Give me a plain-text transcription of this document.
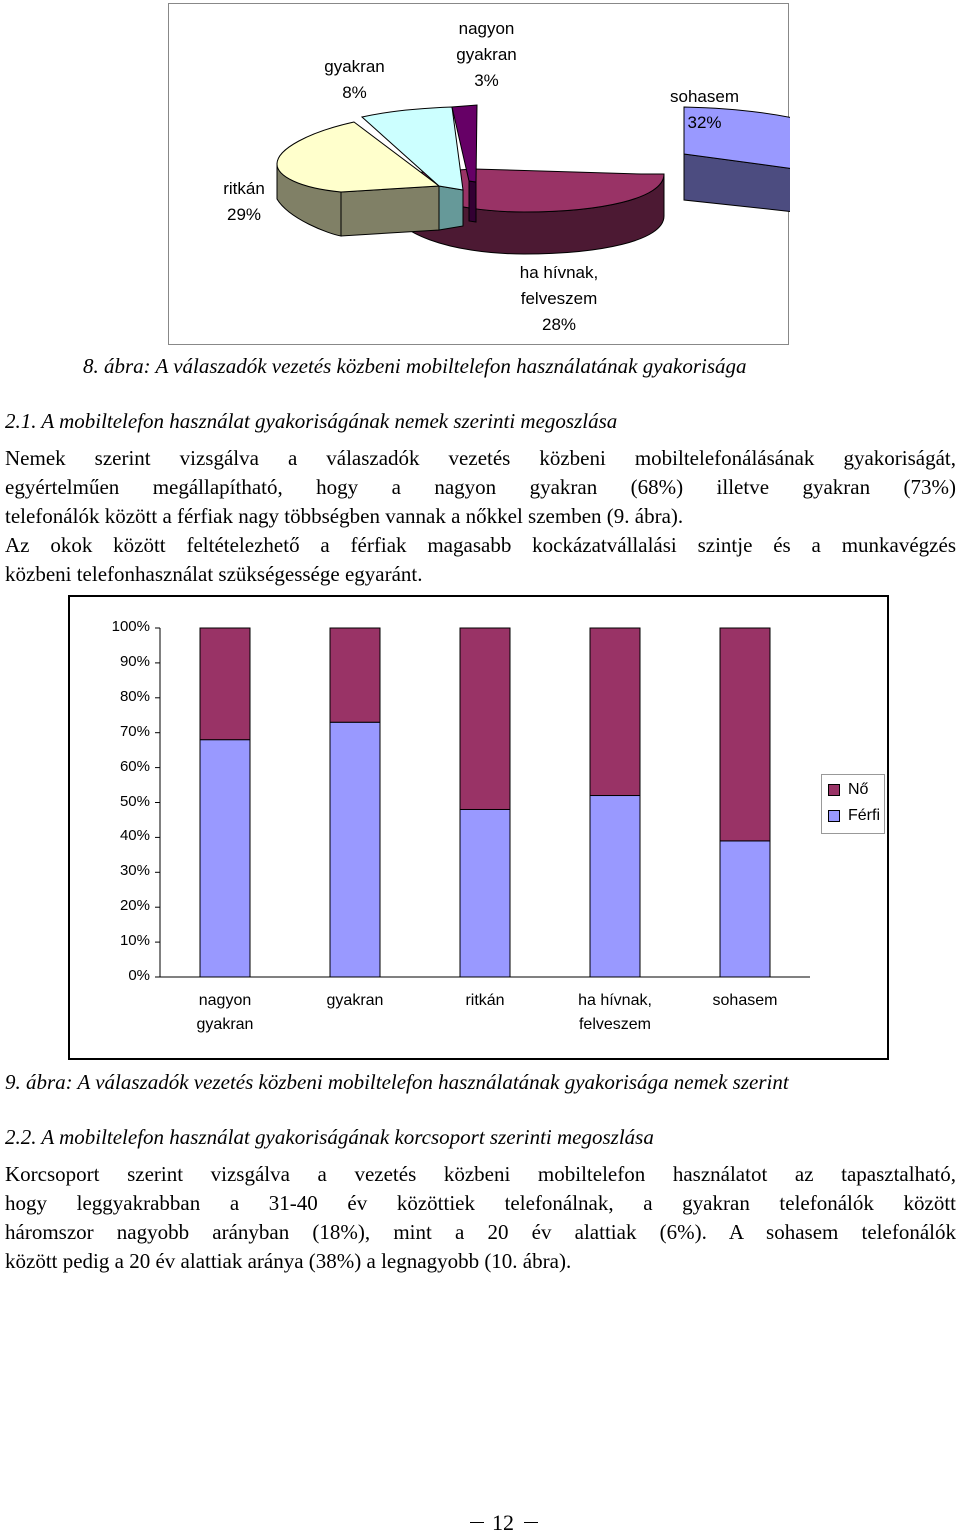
nagyon
gyakran
3%
gyakran
8%	sohasem
32%
ritkán
29%
ha hívnak,
felveszem
28%
8. ábra: A válaszadók vezetés közbeni mobiltelefon használatának gyakorisága
2.1. A mobiltelefon használat gyakoriságának nemek szerinti megoszlása
Nemek szerint vizsgálva a válaszadók vezetés közbeni mobiltelefonálásának gyakoriságát,
egyértelműen megállapítható, hogy a nagyon gyakran (68%) illetve gyakran (73%)
telefonálók között a férfiak nagy többségben vannak a nőkkel szemben (9. ábra).
Az okok között feltételezhető a férfiak magasabb kockázatvállalási szintje és a munkavégzés
közbeni telefonhasználat szükségessége egyaránt.
0%
10%
20%
30%
40%
50%
60%
70%
80%
90%
100%
nagyon
gyakran
gyakran	ritkán	ha hívnak,
felveszem
sohasem
Nő
Férfi
9. ábra: A válaszadók vezetés közbeni mobiltelefon használatának gyakorisága nemek szerint
2.2. A mobiltelefon használat gyakoriságának korcsoport szerinti megoszlása
Korcsoport szerint vizsgálva a vezetés közbeni mobiltelefon használatot az tapasztalható,
hogy leggyakrabban a 31-40 év közöttiek telefonálnak, a gyakran telefonálók között
háromszor nagyobb arányban (18%), mint a 20 év alattiak (6%). A sohasem telefonálók
között pedig a 20 év alattiak aránya (38%) a legnagyobb (10. ábra).
12
